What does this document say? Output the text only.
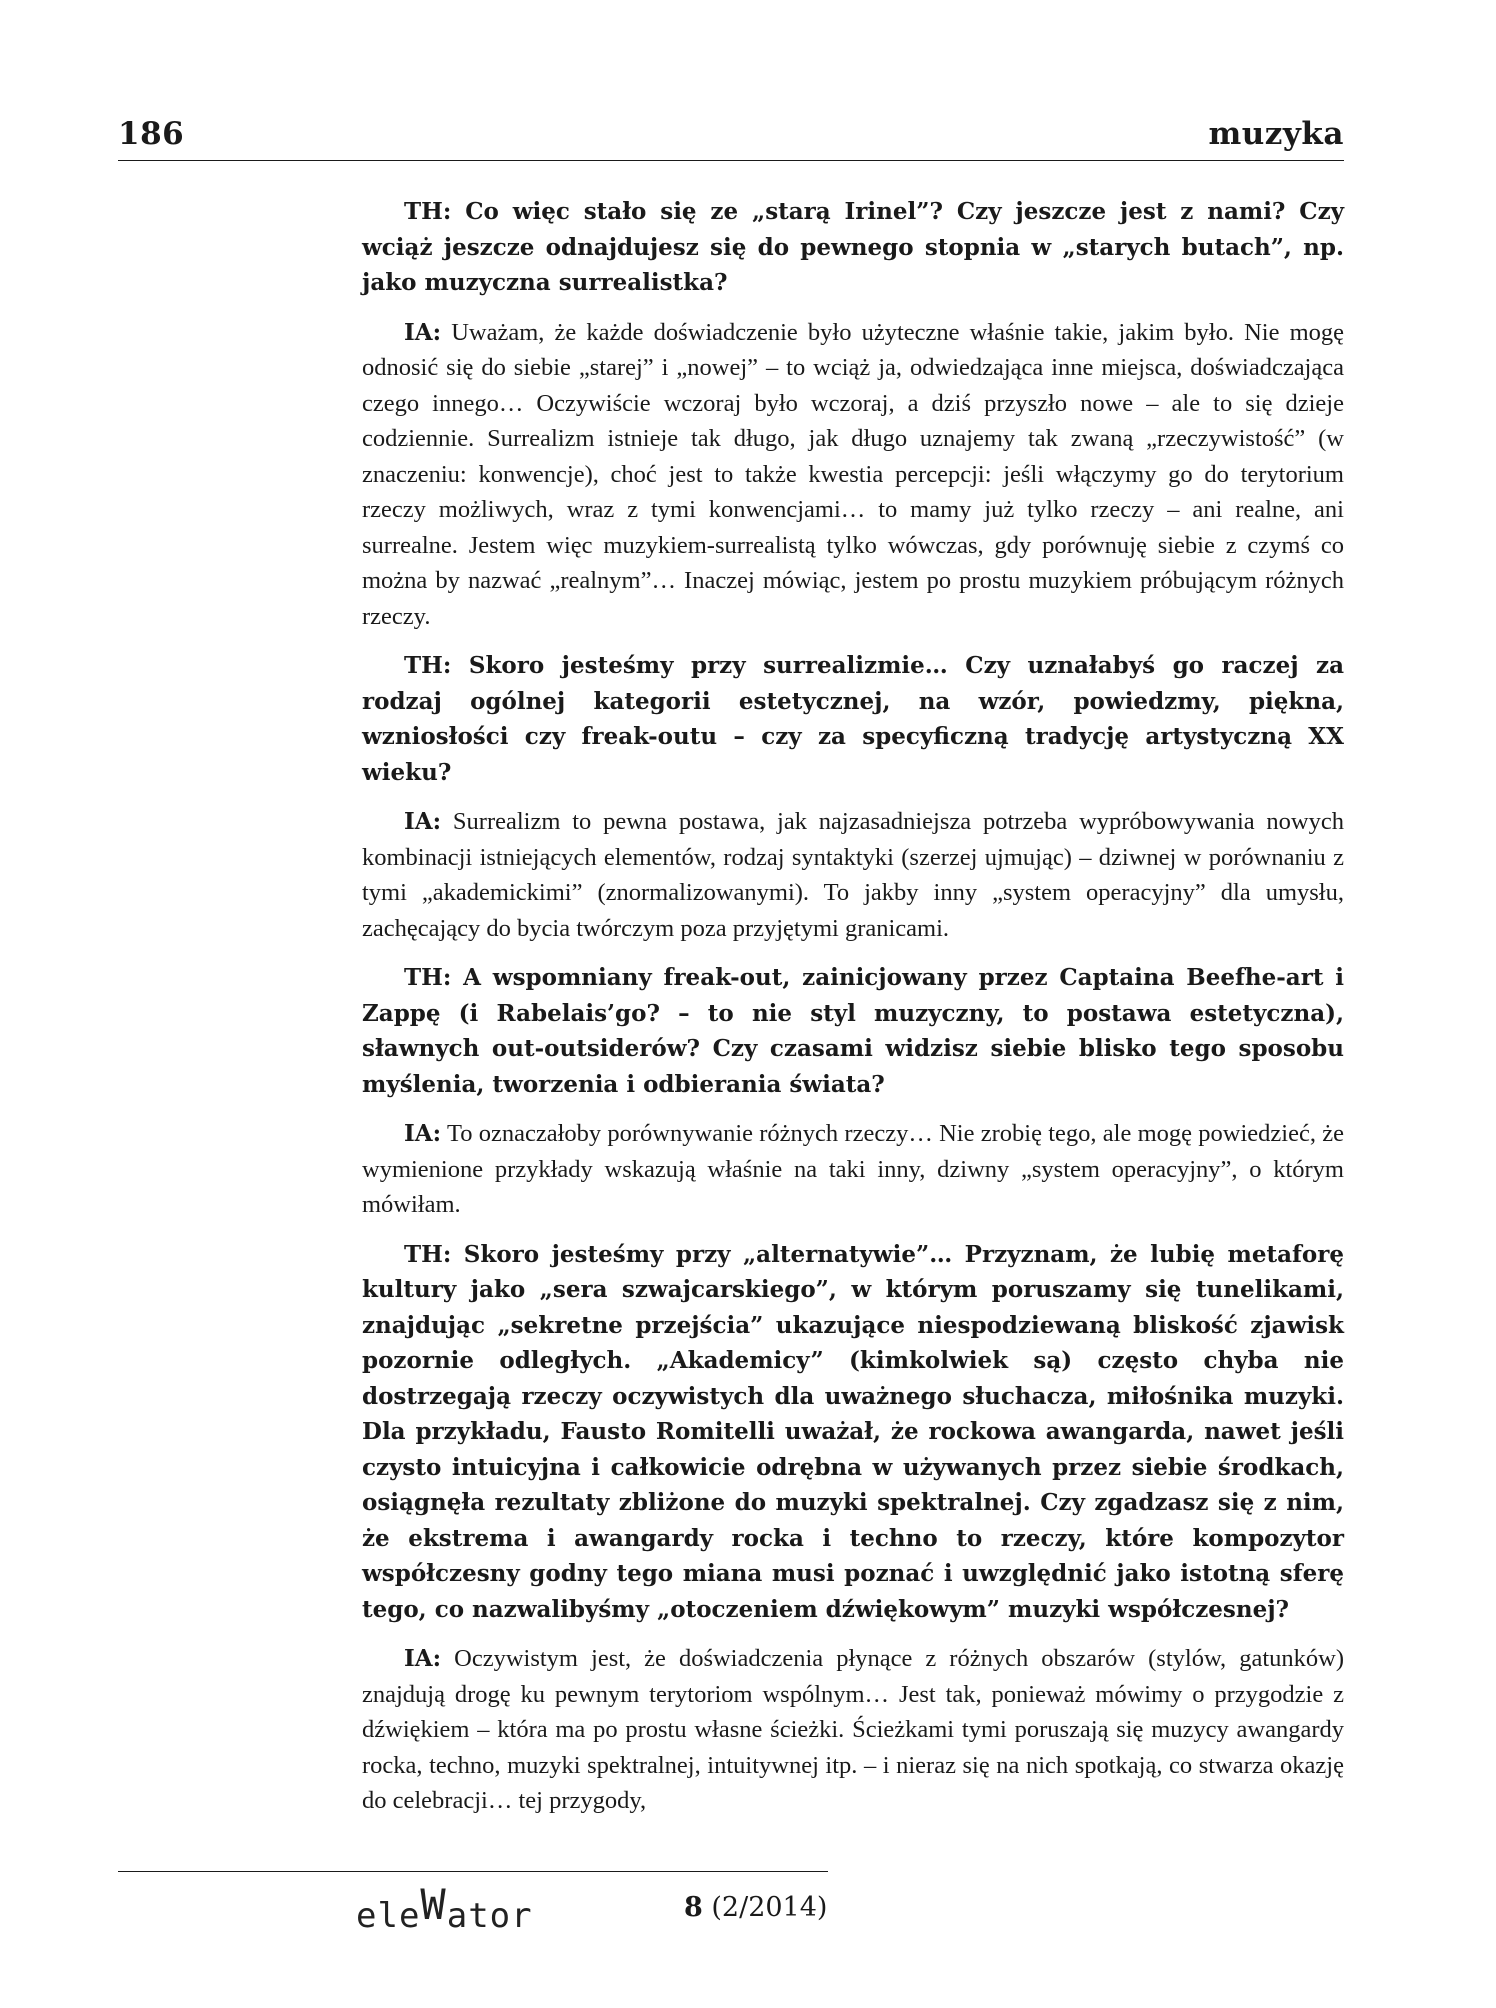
186	muzyka

TH: Co więc stało się ze „starą Irinel”? Czy jeszcze jest z nami? Czy wciąż jeszcze odnajdujesz się do pewnego stopnia w „starych butach”, np. jako muzyczna surrealistka?

IA: Uważam, że każde doświadczenie było użyteczne właśnie takie, jakim było. Nie mogę odnosić się do siebie „starej” i „nowej” – to wciąż ja, odwiedzająca inne miejsca, doświadczająca czego innego… Oczywiście wczoraj było wczoraj, a dziś przyszło nowe – ale to się dzieje codziennie. Surrealizm istnieje tak długo, jak długo uznajemy tak zwaną „rzeczywistość” (w znaczeniu: konwencje), choć jest to także kwestia percepcji: jeśli włączymy go do terytorium rzeczy możliwych, wraz z tymi konwencjami… to mamy już tylko rzeczy – ani realne, ani surrealne. Jestem więc muzykiem-surrealistą tylko wówczas, gdy porównuję siebie z czymś co można by nazwać „realnym”… Inaczej mówiąc, jestem po prostu muzykiem próbującym różnych rzeczy.

TH: Skoro jesteśmy przy surrealizmie… Czy uznałabyś go raczej za rodzaj ogólnej kategorii estetycznej, na wzór, powiedzmy, piękna, wzniosłości czy freak-outu – czy za specyficzną tradycję artystyczną XX wieku?

IA: Surrealizm to pewna postawa, jak najzasadniejsza potrzeba wypróbowywania nowych kombinacji istniejących elementów, rodzaj syntaktyki (szerzej ujmując) – dziwnej w porównaniu z tymi „akademickimi” (znormalizowanymi). To jakby inny „system operacyjny” dla umysłu, zachęcający do bycia twórczym poza przyjętymi granicami.

TH: A wspomniany freak-out, zainicjowany przez Captaina Beefhe-art i Zappę (i Rabelais’go? – to nie styl muzyczny, to postawa estetyczna), sławnych out-outsiderów? Czy czasami widzisz siebie blisko tego sposobu myślenia, tworzenia i odbierania świata?

IA: To oznaczałoby porównywanie różnych rzeczy… Nie zrobię tego, ale mogę powiedzieć, że wymienione przykłady wskazują właśnie na taki inny, dziwny „system operacyjny”, o którym mówiłam.

TH: Skoro jesteśmy przy „alternatywie”… Przyznam, że lubię metaforę kultury jako „sera szwajcarskiego”, w którym poruszamy się tunelikami, znajdując „sekretne przejścia” ukazujące niespodziewaną bliskość zjawisk pozornie odległych. „Akademicy” (kimkolwiek są) często chyba nie dostrzegają rzeczy oczywistych dla uważnego słuchacza, miłośnika muzyki. Dla przykładu, Fausto Romitelli uważał, że rockowa awangarda, nawet jeśli czysto intuicyjna i całkowicie odrębna w używanych przez siebie środkach, osiągnęła rezultaty zbliżone do muzyki spektralnej. Czy zgadzasz się z nim, że ekstrema i awangardy rocka i techno to rzeczy, które kompozytor współczesny godny tego miana musi poznać i uwzględnić jako istotną sferę tego, co nazwalibyśmy „otoczeniem dźwiękowym” muzyki współczesnej?

IA: Oczywistym jest, że doświadczenia płynące z różnych obszarów (stylów, gatunków) znajdują drogę ku pewnym terytoriom wspólnym… Jest tak, ponieważ mówimy o przygodzie z dźwiękiem – która ma po prostu własne ścieżki. Ścieżkami tymi poruszają się muzycy awangardy rocka, techno, muzyki spektralnej, intuitywnej itp. – i nieraz się na nich spotkają, co stwarza okazję do celebracji… tej przygody,

eleWator	8 (2/2014)
